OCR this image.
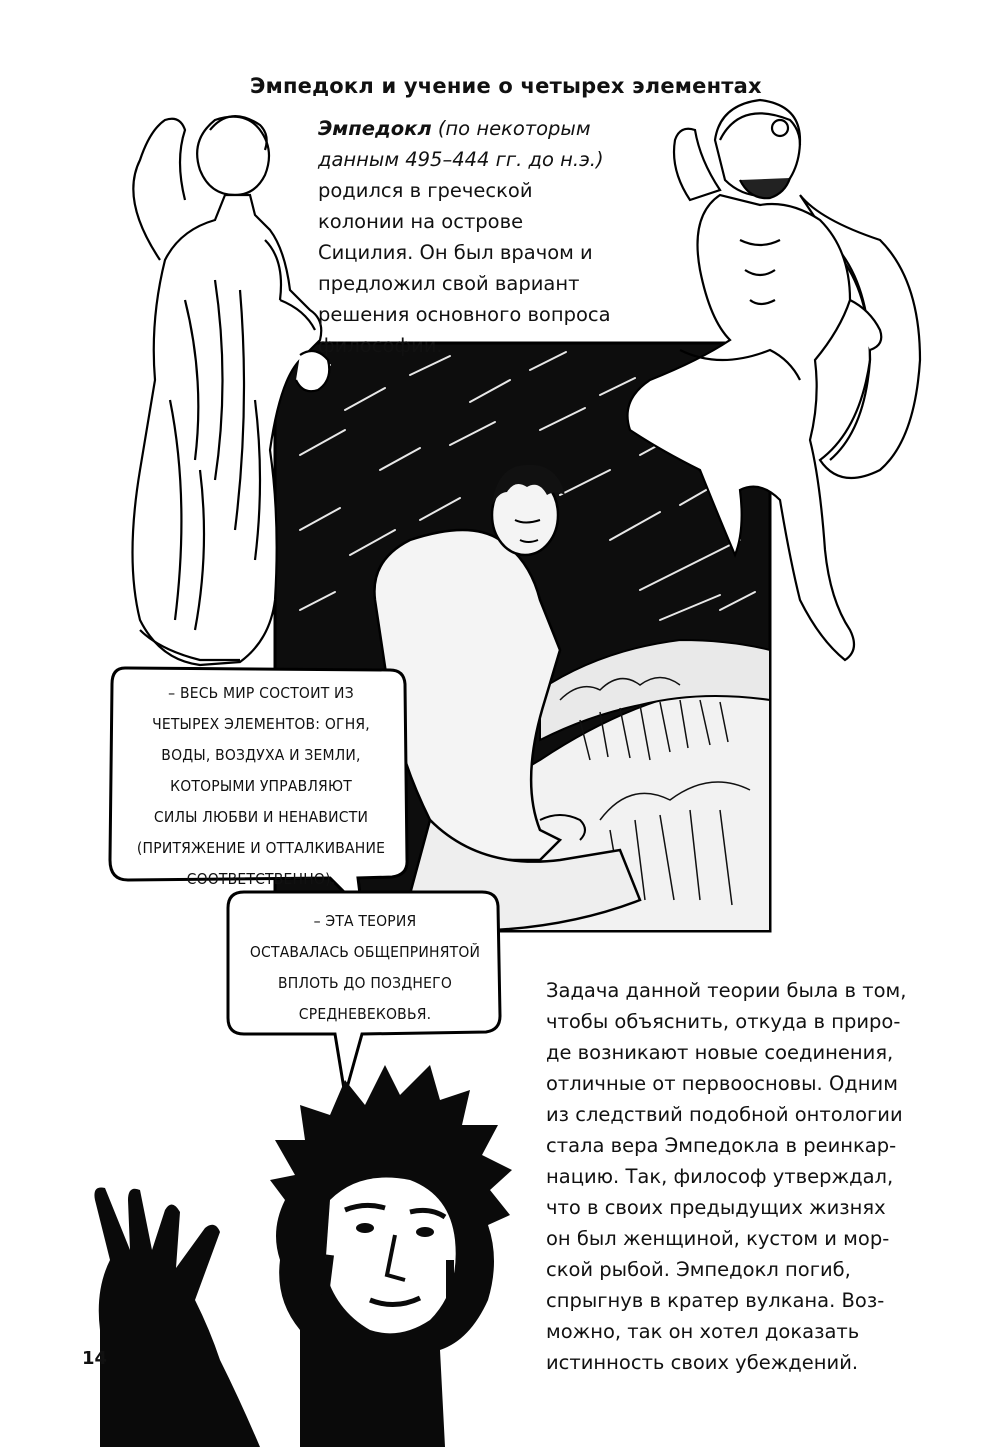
Эмпедокл и учение о четырех элементах
Эмпедокл (по некоторым данным 495–444 гг. до н.э.) родился в греческой колонии на острове Сицилия. Он был врачом и предложил свой вариант решения основного вопроса философии.
– ВЕСЬ МИР СОСТОИТ ИЗ
ЧЕТЫРЕХ ЭЛЕМЕНТОВ: ОГНЯ,
ВОДЫ, ВОЗДУХА И ЗЕМЛИ,
КОТОРЫМИ УПРАВЛЯЮТ
СИЛЫ ЛЮБВИ И НЕНАВИСТИ
(ПРИТЯЖЕНИЕ И ОТТАЛКИВАНИЕ
СООТВЕТСТВЕННО).
– ЭТА ТЕОРИЯ
ОСТАВАЛАСЬ ОБЩЕПРИНЯТОЙ
ВПЛОТЬ ДО ПОЗДНЕГО
СРЕДНЕВЕКОВЬЯ.
Задача данной теории была в том,
чтобы объяснить, откуда в приро-
де возникают новые соединения,
отличные от первоосновы. Одним
из следствий подобной онтологии
стала вера Эмпедокла в реинкар-
нацию. Так, философ утверждал,
что в своих предыдущих жизнях
он был женщиной, кустом и мор-
ской рыбой. Эмпедокл погиб,
спрыгнув в кратер вулкана. Воз-
можно, так он хотел доказать
истинность своих убеждений.
14
